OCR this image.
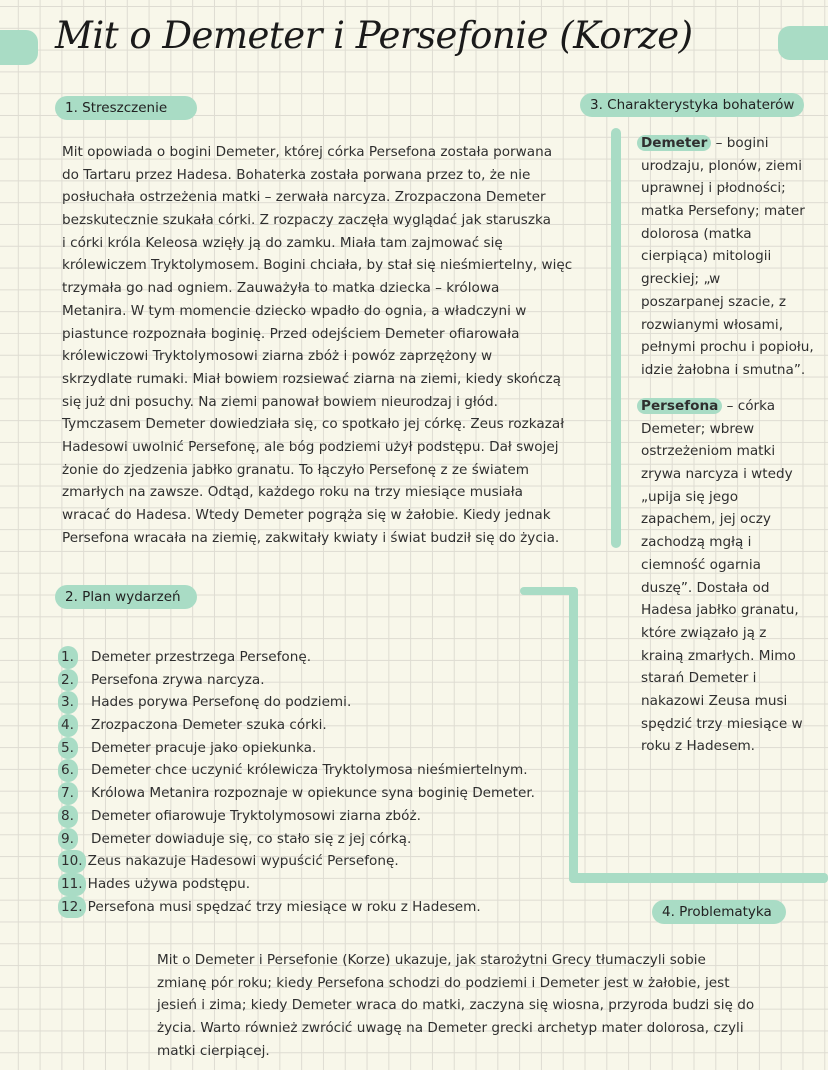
Mit o Demeter i Persefonie (Korze)
1. Streszczenie
Mit opowiada o bogini Demeter, której córka Persefona została porwana
do Tartaru przez Hadesa. Bohaterka została porwana przez to, że nie
posłuchała ostrzeżenia matki – zerwała narcyza. Zrozpaczona Demeter
bezskutecznie szukała córki. Z rozpaczy zaczęła wyglądać jak staruszka
i córki króla Keleosa wzięły ją do zamku. Miała tam zajmować się
królewiczem Tryktolymosem. Bogini chciała, by stał się nieśmiertelny, więc
trzymała go nad ogniem. Zauważyła to matka dziecka – królowa
Metanira. W tym momencie dziecko wpadło do ognia, a władczyni w
piastunce rozpoznała boginię. Przed odejściem Demeter ofiarowała
królewiczowi Tryktolymosowi ziarna zbóż i powóz zaprzężony w
skrzydlate rumaki. Miał bowiem rozsiewać ziarna na ziemi, kiedy skończą
się już dni posuchy. Na ziemi panował bowiem nieurodzaj i głód.
Tymczasem Demeter dowiedziała się, co spotkało jej córkę. Zeus rozkazał
Hadesowi uwolnić Persefonę, ale bóg podziemi użył podstępu. Dał swojej
żonie do zjedzenia jabłko granatu. To łączyło Persefonę z ze światem
zmarłych na zawsze. Odtąd, każdego roku na trzy miesiące musiała
wracać do Hadesa. Wtedy Demeter pogrąża się w żałobie. Kiedy jednak
Persefona wracała na ziemię, zakwitały kwiaty i świat budził się do życia.
2. Plan wydarzeń
1. Demeter przestrzega Persefonę.
2. Persefona zrywa narcyza.
3. Hades porywa Persefonę do podziemi.
4. Zrozpaczona Demeter szuka córki.
5. Demeter pracuje jako opiekunka.
6. Demeter chce uczynić królewicza Tryktolymosa nieśmiertelnym.
7. Królowa Metanira rozpoznaje w opiekunce syna boginię Demeter.
8. Demeter ofiarowuje Tryktolymosowi ziarna zbóż.
9. Demeter dowiaduje się, co stało się z jej córką.
10. Zeus nakazuje Hadesowi wypuścić Persefonę.
11. Hades używa podstępu.
12. Persefona musi spędzać trzy miesiące w roku z Hadesem.
3. Charakterystyka bohaterów
Demeter – bogini
urodzaju, plonów, ziemi
uprawnej i płodności;
matka Persefony; mater
dolorosa (matka
cierpiąca) mitologii
greckiej; „w
poszarpanej szacie, z
rozwianymi włosami,
pełnymi prochu i popiołu,
idzie żałobna i smutna”.
Persefona – córka
Demeter; wbrew
ostrzeżeniom matki
zrywa narcyza i wtedy
„upija się jego
zapachem, jej oczy
zachodzą mgłą i
ciemność ogarnia
duszę”. Dostała od
Hadesa jabłko granatu,
które związało ją z
krainą zmarłych. Mimo
starań Demeter i
nakazowi Zeusa musi
spędzić trzy miesiące w
roku z Hadesem.
4. Problematyka
Mit o Demeter i Persefonie (Korze) ukazuje, jak starożytni Grecy tłumaczyli sobie
zmianę pór roku; kiedy Persefona schodzi do podziemi i Demeter jest w żałobie, jest
jesień i zima; kiedy Demeter wraca do matki, zaczyna się wiosna, przyroda budzi się do
życia. Warto również zwrócić uwagę na Demeter grecki archetyp mater dolorosa, czyli
matki cierpiącej.
